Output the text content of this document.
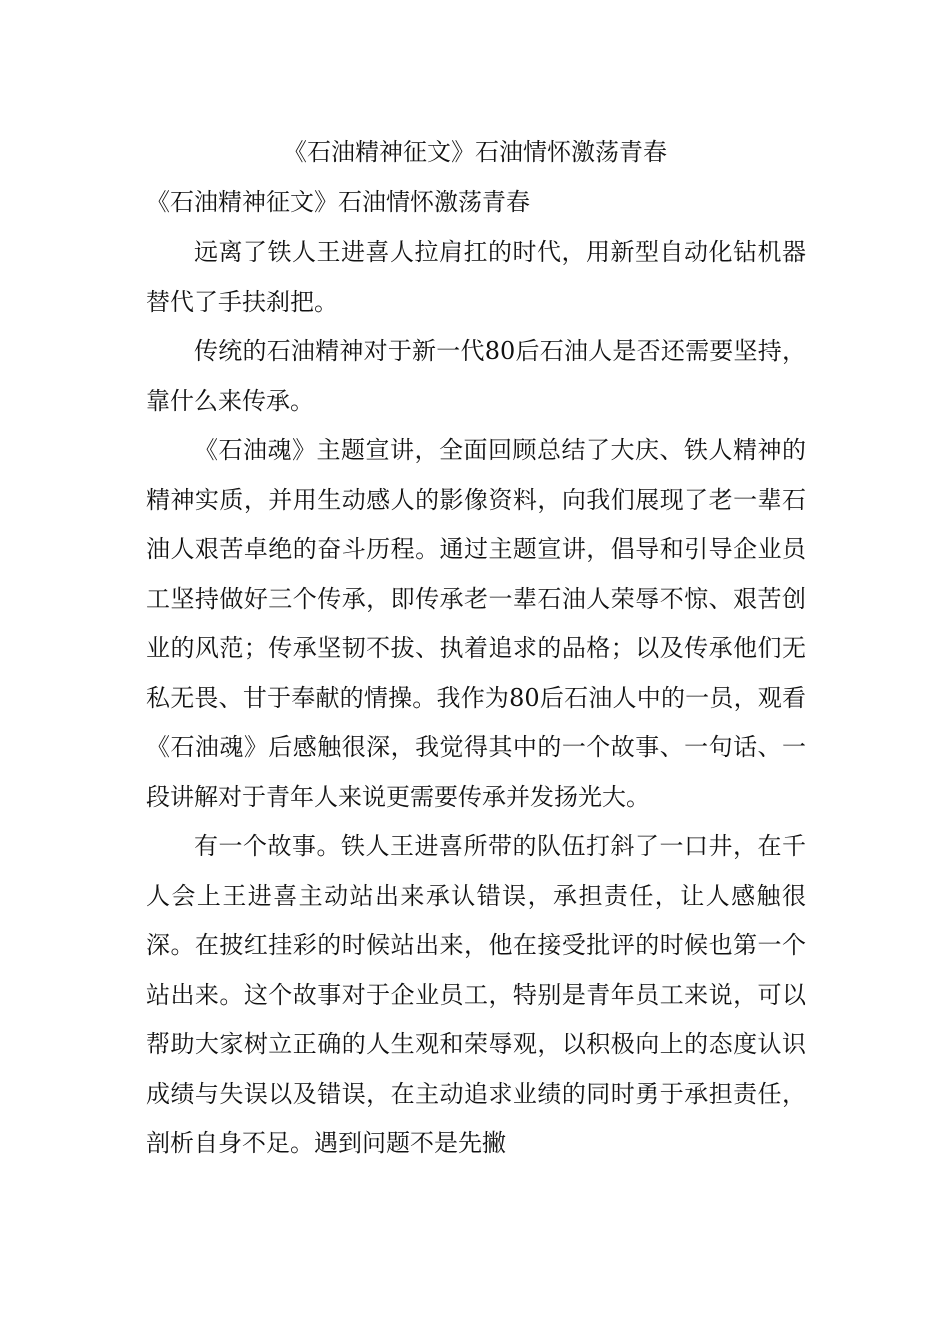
《石油精神征文》石油情怀激荡青春
《石油精神征文》石油情怀激荡青春

远离了铁人王进喜人拉肩扛的时代，用新型自动化钻机器替代了手扶刹把。

传统的石油精神对于新一代80后石油人是否还需要坚持，靠什么来传承。

《石油魂》主题宣讲，全面回顾总结了大庆、铁人精神的精神实质，并用生动感人的影像资料，向我们展现了老一辈石油人艰苦卓绝的奋斗历程。通过主题宣讲，倡导和引导企业员工坚持做好三个传承，即传承老一辈石油人荣辱不惊、艰苦创业的风范；传承坚韧不拔、执着追求的品格；以及传承他们无私无畏、甘于奉献的情操。我作为80后石油人中的一员，观看《石油魂》后感触很深，我觉得其中的一个故事、一句话、一段讲解对于青年人来说更需要传承并发扬光大。

有一个故事。铁人王进喜所带的队伍打斜了一口井，在千人会上王进喜主动站出来承认错误，承担责任，让人感触很深。在披红挂彩的时候站出来，他在接受批评的时候也第一个站出来。这个故事对于企业员工，特别是青年员工来说，可以帮助大家树立正确的人生观和荣辱观，以积极向上的态度认识成绩与失误以及错误，在主动追求业绩的同时勇于承担责任，剖析自身不足。遇到问题不是先撇
